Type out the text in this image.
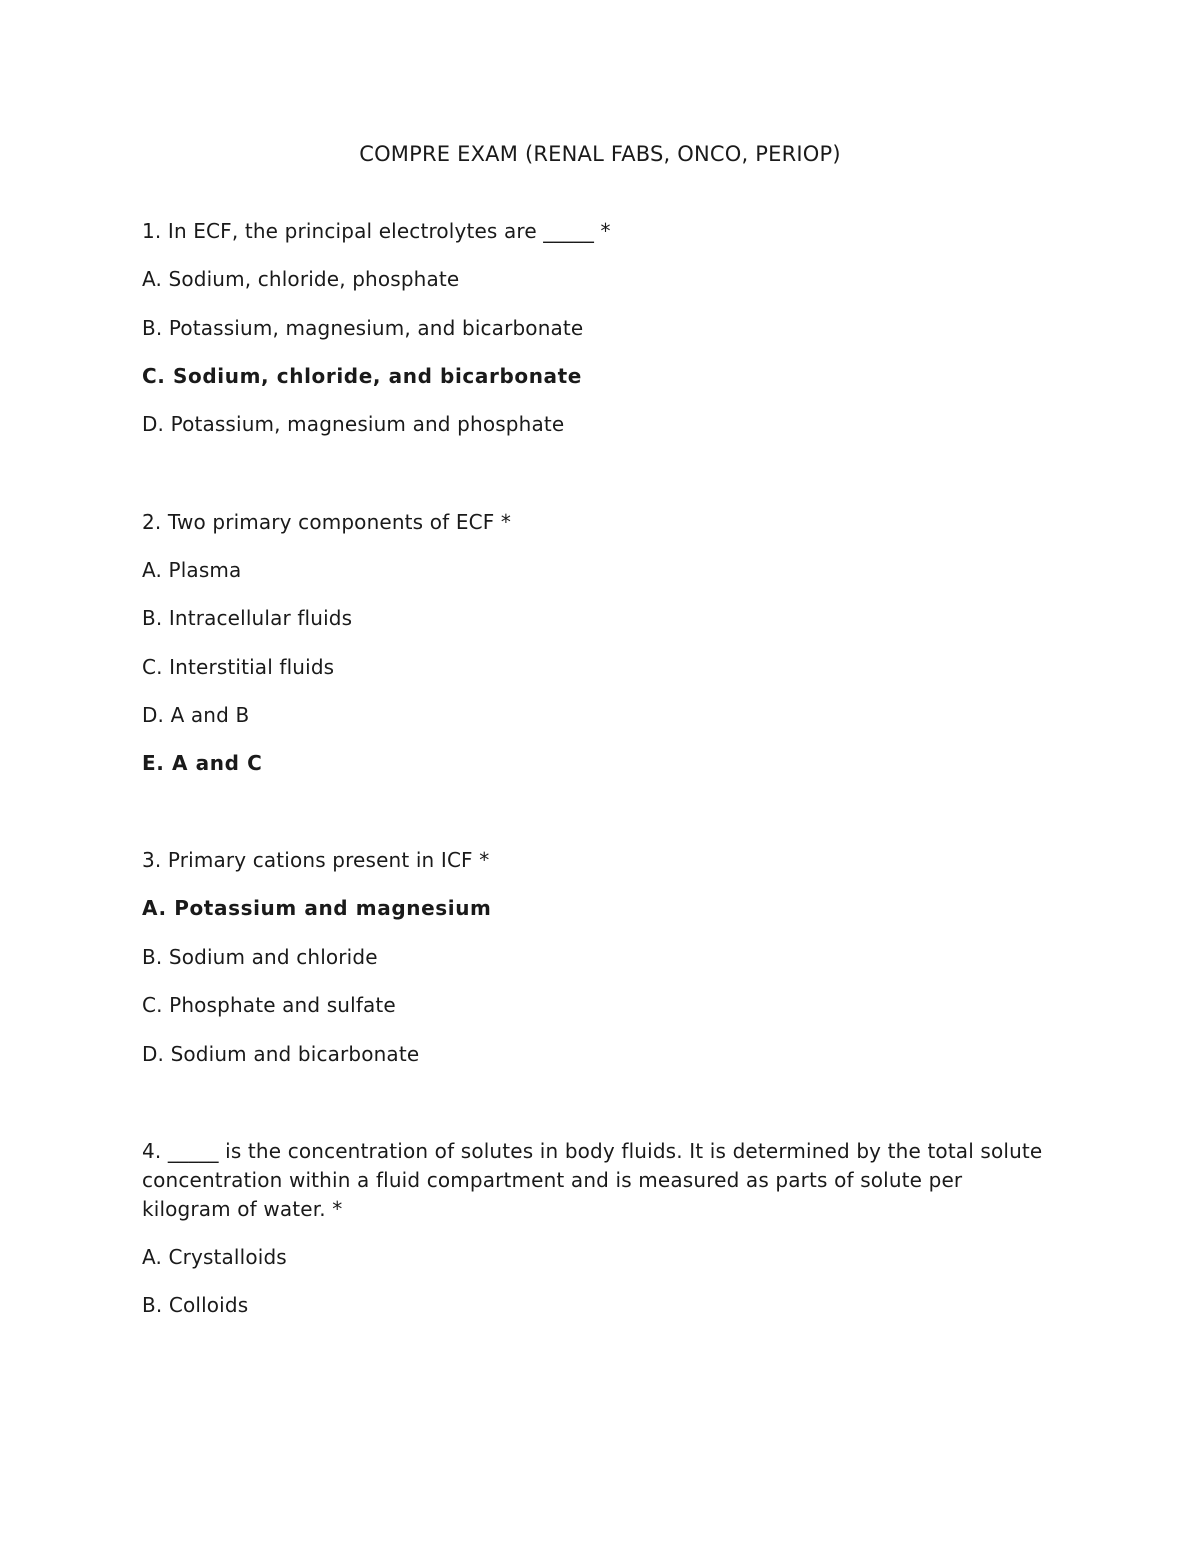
COMPRE EXAM (RENAL FABS, ONCO, PERIOP)
1. In ECF, the principal electrolytes are _____ *
A. Sodium, chloride, phosphate
B. Potassium, magnesium, and bicarbonate
C. Sodium, chloride, and bicarbonate
D. Potassium, magnesium and phosphate
2. Two primary components of ECF *
A. Plasma
B. Intracellular fluids
C. Interstitial fluids
D. A and B
E. A and C
3. Primary cations present in ICF *
A. Potassium and magnesium
B. Sodium and chloride
C. Phosphate and sulfate
D. Sodium and bicarbonate
4. _____ is the concentration of solutes in body fluids. It is determined by the total solute concentration within a fluid compartment and is measured as parts of solute per kilogram of water. *
A. Crystalloids
B. Colloids
